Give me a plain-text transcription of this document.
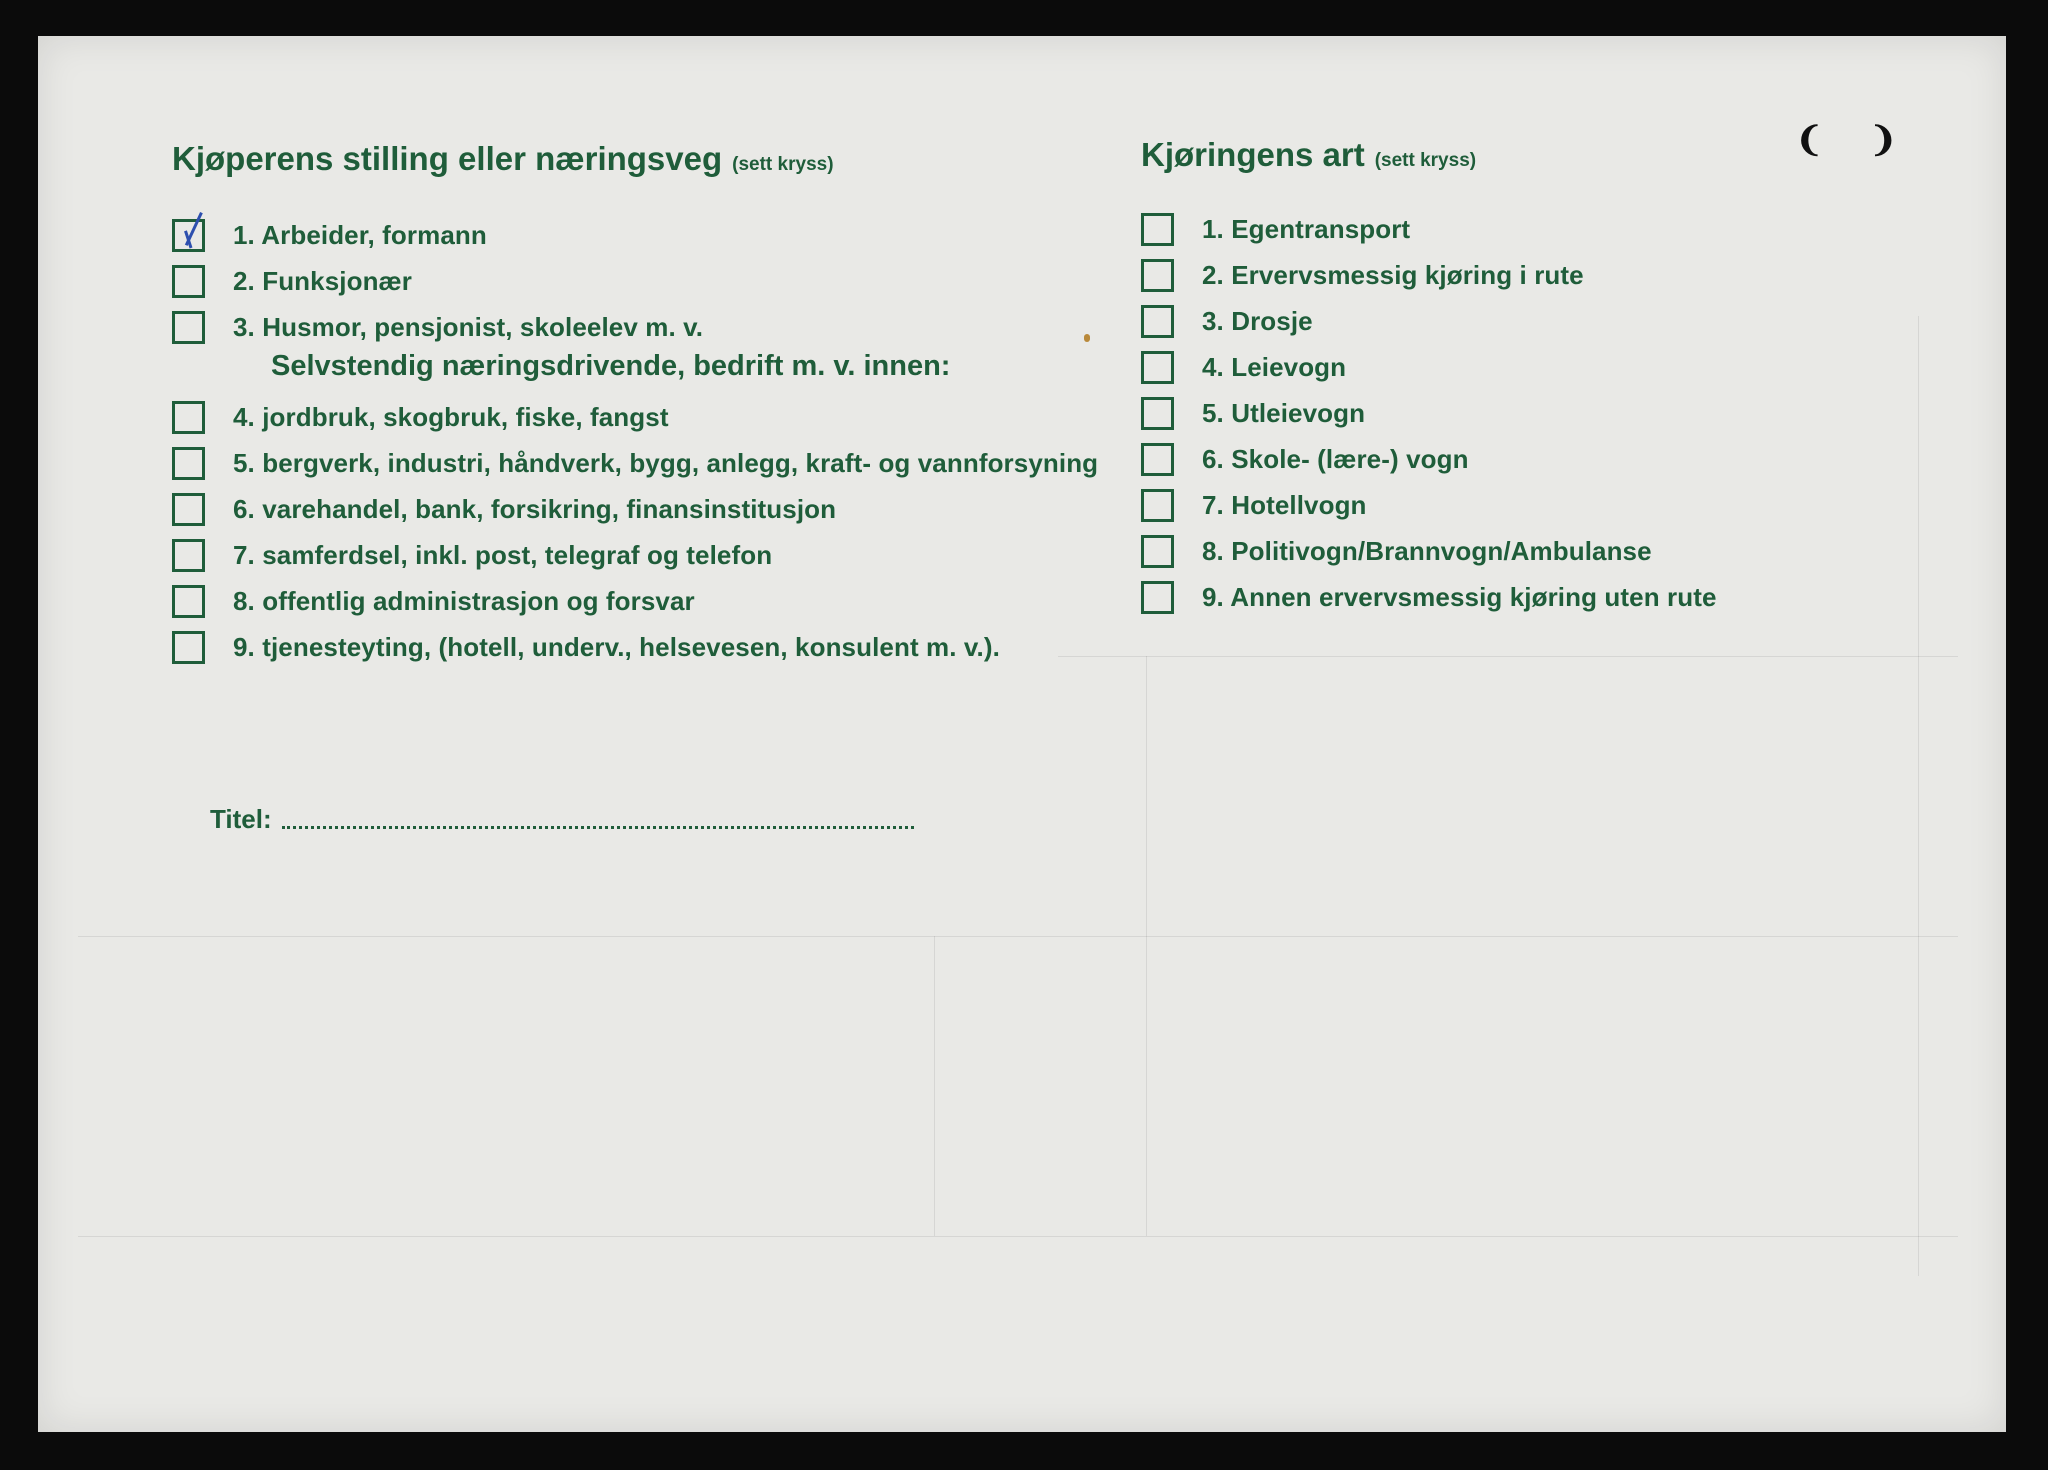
❨ ❩
Kjøperens stilling eller næringsveg (sett kryss)
1. Arbeider, formann
2. Funksjonær
3. Husmor, pensjonist, skoleelev m. v.
Selvstendig næringsdrivende, bedrift m. v. innen:
4. jordbruk, skogbruk, fiske, fangst
5. bergverk, industri, håndverk, bygg, anlegg, kraft- og vannforsyning
6. varehandel, bank, forsikring, finansinstitusjon
7. samferdsel, inkl. post, telegraf og telefon
8. offentlig administrasjon og forsvar
9. tjenesteyting, (hotell, underv., helsevesen, konsulent m. v.).
Titel:
Kjøringens art (sett kryss)
1. Egentransport
2. Ervervsmessig kjøring i rute
3. Drosje
4. Leievogn
5. Utleievogn
6. Skole- (lære-) vogn
7. Hotellvogn
8. Politivogn/Brannvogn/Ambulanse
9. Annen ervervsmessig kjøring uten rute
